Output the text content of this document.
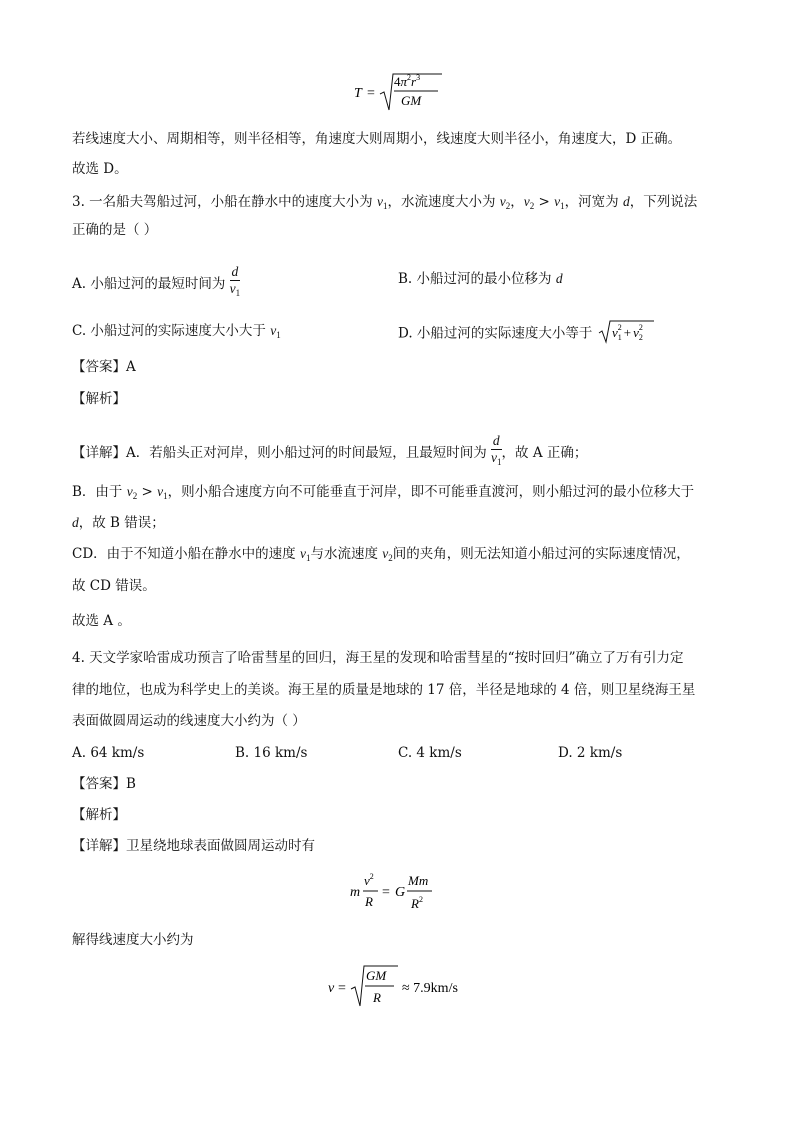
T =
$4\pi^2r^3$
GM
若线速度大小、周期相等，则半径相等，角速度大则周期小，线速度大则半径小，角速度大，D 正确。
故选 D。
3. 一名船夫驾船过河，小船在静水中的速度大小为 $v_1$，水流速度大小为 $v_2$，$v_2 > v_1$，河宽为 d，下列说法
正确的是（ ）
A. 小船过河的最短时间为 $\frac{d}{v_1}$	B. 小船过河的最小位移为 d
C. 小船过河的实际速度大小大于 $v_1$	D. 小船过河的实际速度大小等于 $v_12 + v_22$
【答案】A
【解析】
【详解】A．若船头正对河岸，则小船过河的时间最短，且最短时间为 $\frac{d}{v_1}$ ，故 A 正确；
B．由于 $v_2 > v_1$，则小船合速度方向不可能垂直于河岸，即不可能垂直渡河，则小船过河的最小位移大于
d，故 B 错误；
CD．由于不知道小船在静水中的速度 $v_1$与水流速度 $v_2$间的夹角，则无法知道小船过河的实际速度情况，
故 CD 错误。
故选 A 。
4. 天文学家哈雷成功预言了哈雷彗星的回归，海王星的发现和哈雷彗星的“按时回归”确立了万有引力定
律的地位，也成为科学史上的美谈。海王星的质量是地球的 17 倍，半径是地球的 4 倍，则卫星绕海王星
表面做圆周运动的线速度大小约为（ ）
A. 64 km/s	B. 16 km/s	C. 4 km/s	D. 2 km/s
【答案】B
【解析】
【详解】卫星绕地球表面做圆周运动时有
m
$v^2$
R
= G
Mm
$R^2$
解得线速度大小约为
v =
GM
R
≈ 7.9km/s
